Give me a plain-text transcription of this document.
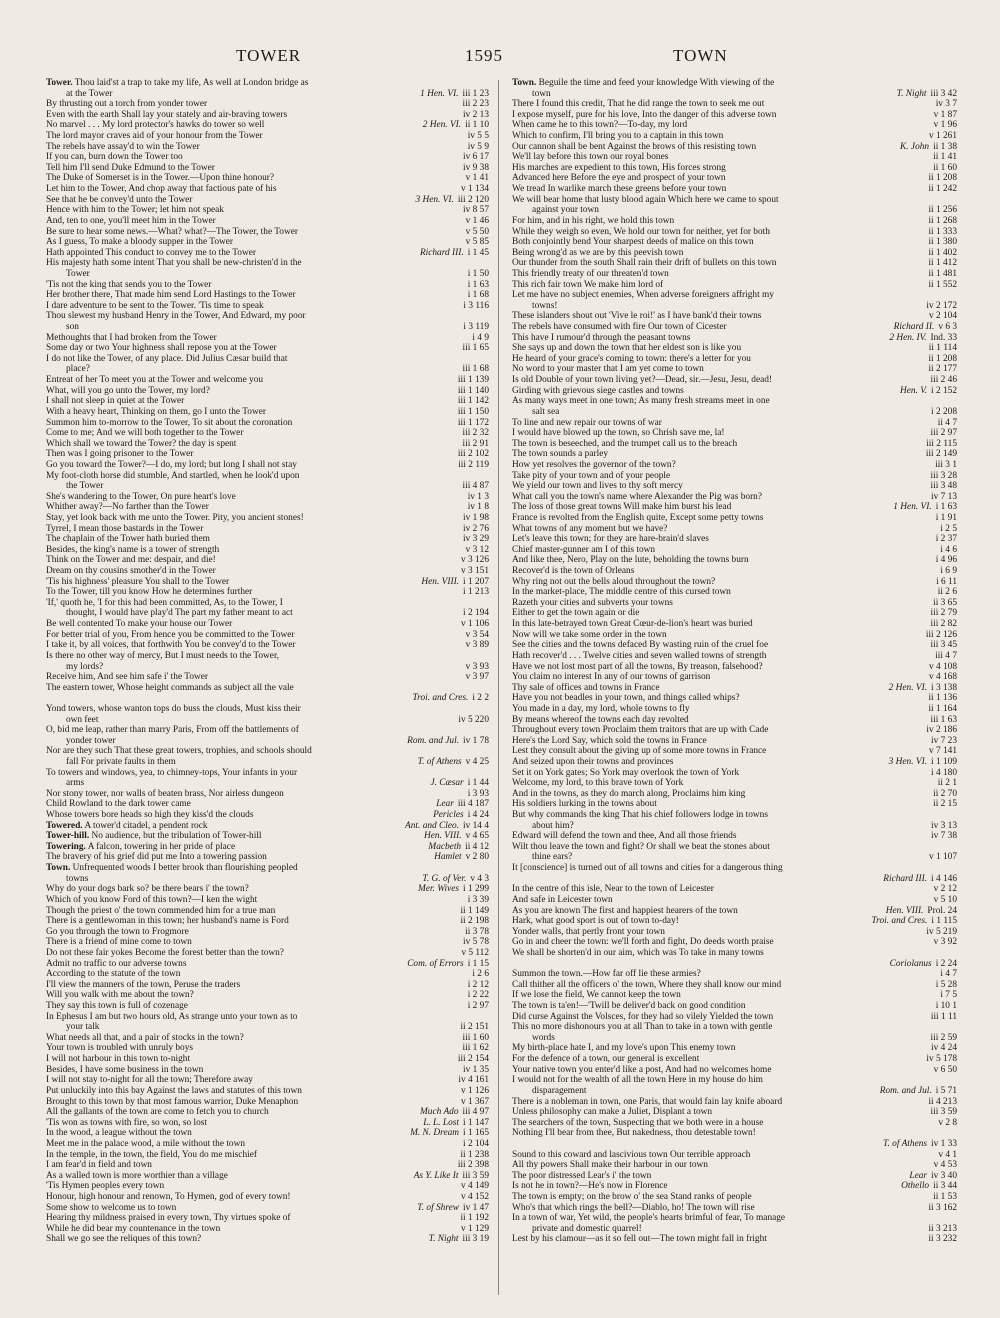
TOWER	1595	TOWN
Tower. Thou laid'st a trap to take my life, As well at London bridge as
at the Tower	1 Hen. VI. iii 1 23
By thrusting out a torch from yonder tower	iii 2 23
Even with the earth Shall lay your stately and air-braving towers	iv 2 13
No marvel . . . My lord protector's hawks do tower so well	2 Hen. VI. ii 1 10
The lord mayor craves aid of your honour from the Tower	iv 5 5
The rebels have assay'd to win the Tower	iv 5 9
If you can, burn down the Tower too	iv 6 17
Tell him I'll send Duke Edmund to the Tower	iv 9 38
The Duke of Somerset is in the Tower.—Upon thine honour?	v 1 41
Let him to the Tower, And chop away that factious pate of his	v 1 134
See that he be convey'd unto the Tower	3 Hen. VI. iii 2 120
Hence with him to the Tower; let him not speak	iv 8 57
And, ten to one, you'll meet him in the Tower	v 1 46
Be sure to hear some news.—What? what?—The Tower, the Tower	v 5 50
As I guess, To make a bloody supper in the Tower	v 5 85
Hath appointed This conduct to convey me to the Tower	Richard III. i 1 45
His majesty hath some intent That you shall be new-christen'd in the
Tower	i 1 50
'Tis not the king that sends you to the Tower	i 1 63
Her brother there, That made him send Lord Hastings to the Tower	i 1 68
I dare adventure to be sent to the Tower. 'Tis time to speak	i 3 116
Thou slewest my husband Henry in the Tower, And Edward, my poor
son	i 3 119
Methoughts that I had broken from the Tower	i 4 9
Some day or two Your highness shall repose you at the Tower	iii 1 65
I do not like the Tower, of any place. Did Julius Cæsar build that
place?	iii 1 68
Entreat of her To meet you at the Tower and welcome you	iii 1 139
What, will you go unto the Tower, my lord?	iii 1 140
I shall not sleep in quiet at the Tower	iii 1 142
With a heavy heart, Thinking on them, go I unto the Tower	iii 1 150
Summon him to-morrow to the Tower, To sit about the coronation	iii 1 172
Come to me; And we will both together to the Tower	iii 2 32
Which shall we toward the Tower? the day is spent	iii 2 91
Then was I going prisoner to the Tower	iii 2 102
Go you toward the Tower?—I do, my lord; but long I shall not stay	iii 2 119
My foot-cloth horse did stumble, And startled, when he look'd upon
the Tower	iii 4 87
She's wandering to the Tower, On pure heart's love	iv 1 3
Whither away?—No farther than the Tower	iv 1 8
Stay, yet look back with me unto the Tower. Pity, you ancient stones!	iv 1 98
Tyrrel, I mean those bastards in the Tower	iv 2 76
The chaplain of the Tower hath buried them	iv 3 29
Besides, the king's name is a tower of strength	v 3 12
Think on the Tower and me: despair, and die!	v 3 126
Dream on thy cousins smother'd in the Tower	v 3 151
'Tis his highness' pleasure You shall to the Tower	Hen. VIII. i 1 207
To the Tower, till you know How he determines further	i 1 213
'If,' quoth he, 'I for this had been committed, As, to the Tower, I
thought, I would have play'd The part my father meant to act	i 2 194
Be well contented To make your house our Tower	v 1 106
For better trial of you, From hence you be committed to the Tower	v 3 54
I take it, by all voices, that forthwith You be convey'd to the Tower	v 3 89
Is there no other way of mercy, But I must needs to the Tower,
my lords?	v 3 93
Receive him, And see him safe i' the Tower	v 3 97
The eastern tower, Whose height commands as subject all the vale
Troi. and Cres. i 2 2
Yond towers, whose wanton tops do buss the clouds, Must kiss their
own feet	iv 5 220
O, bid me leap, rather than marry Paris, From off the battlements of
yonder tower	Rom. and Jul. iv 1 78
Nor are they such That these great towers, trophies, and schools should
fall For private faults in them	T. of Athens v 4 25
To towers and windows, yea, to chimney-tops, Your infants in your
arms	J. Cæsar i 1 44
Nor stony tower, nor walls of beaten brass, Nor airless dungeon	i 3 93
Child Rowland to the dark tower came	Lear iii 4 187
Whose towers bore heads so high they kiss'd the clouds	Pericles i 4 24
Towered. A tower'd citadel, a pendent rock	Ant. and Cleo. iv 14 4
Tower-hill. No audience, but the tribulation of Tower-hill	Hen. VIII. v 4 65
Towering. A falcon, towering in her pride of place	Macbeth ii 4 12
The bravery of his grief did put me Into a towering passion	Hamlet v 2 80
Town. Unfrequented woods I better brook than flourishing peopled
towns	T. G. of Ver. v 4 3
Why do your dogs bark so? be there bears i' the town?	Mer. Wives i 1 299
Which of you know Ford of this town?—I ken the wight	i 3 39
Though the priest o' the town commended him for a true man	ii 1 149
There is a gentlewoman in this town; her husband's name is Ford	ii 2 198
Go you through the town to Frogmore	ii 3 78
There is a friend of mine come to town	iv 5 78
Do not these fair yokes Become the forest better than the town?	v 5 112
Admit no traffic to our adverse towns	Com. of Errors i 1 15
According to the statute of the town	i 2 6
I'll view the manners of the town, Peruse the traders	i 2 12
Will you walk with me about the town?	i 2 22
They say this town is full of cozenage	i 2 97
In Ephesus I am but two hours old, As strange unto your town as to
your talk	ii 2 151
What needs all that, and a pair of stocks in the town?	iii 1 60
Your town is troubled with unruly boys	iii 1 62
I will not harbour in this town to-night	iii 2 154
Besides, I have some business in the town	iv 1 35
I will not stay to-night for all the town; Therefore away	iv 4 161
Put unluckily into this bay Against the laws and statutes of this town	v 1 126
Brought to this town by that most famous warrior, Duke Menaphon	v 1 367
All the gallants of the town are come to fetch you to church	Much Ado iii 4 97
'Tis won as towns with fire, so won, so lost	L. L. Lost i 1 147
In the wood, a league without the town	M. N. Dream i 1 165
Meet me in the palace wood, a mile without the town	i 2 104
In the temple, in the town, the field, You do me mischief	ii 1 238
I am fear'd in field and town	iii 2 398
As a walled town is more worthier than a village	As Y. Like It iii 3 59
'Tis Hymen peoples every town	v 4 149
Honour, high honour and renown, To Hymen, god of every town!	v 4 152
Some show to welcome us to town	T. of Shrew iv 1 47
Hearing thy mildness praised in every town, Thy virtues spoke of	ii 1 192
While he did bear my countenance in the town	v 1 129
Shall we go see the reliques of this town?	T. Night iii 3 19
Town. Beguile the time and feed your knowledge With viewing of the
town	T. Night iii 3 42
There I found this credit, That he did range the town to seek me out	iv 3 7
I expose myself, pure for his love, Into the danger of this adverse town	v 1 87
When came he to this town?—To-day, my lord	v 1 96
Which to confirm, I'll bring you to a captain in this town	v 1 261
Our cannon shall be bent Against the brows of this resisting town	K. John ii 1 38
We'll lay before this town our royal bones	ii 1 41
His marches are expedient to this town, His forces strong	ii 1 60
Advanced here Before the eye and prospect of your town	ii 1 208
We tread In warlike march these greens before your town	ii 1 242
We will bear home that lusty blood again Which here we came to spout
against your town	ii 1 256
For him, and in his right, we hold this town	ii 1 268
While they weigh so even, We hold our town for neither, yet for both	ii 1 333
Both conjointly bend Your sharpest deeds of malice on this town	ii 1 380
Being wrong'd as we are by this peevish town	ii 1 402
Our thunder from the south Shall rain their drift of bullets on this town	ii 1 412
This friendly treaty of our threaten'd town	ii 1 481
This rich fair town We make him lord of	ii 1 552
Let me have no subject enemies, When adverse foreigners affright my
towns!	iv 2 172
These islanders shout out 'Vive le roi!' as I have bank'd their towns	v 2 104
The rebels have consumed with fire Our town of Cicester	Richard II. v 6 3
This have I rumour'd through the peasant towns	2 Hen. IV. Ind. 33
She says up and down the town that her eldest son is like you	ii 1 114
He heard of your grace's coming to town: there's a letter for you	ii 1 208
No word to your master that I am yet come to town	ii 2 177
Is old Double of your town living yet?—Dead, sir.—Jesu, Jesu, dead!	iii 2 46
Girding with grievous siege castles and towns	Hen. V. i 2 152
As many ways meet in one town; As many fresh streams meet in one
salt sea	i 2 208
To line and new repair our towns of war	ii 4 7
I would have blowed up the town, so Chrish save me, la!	iii 2 97
The town is beseeched, and the trumpet call us to the breach	iii 2 115
The town sounds a parley	iii 2 149
How yet resolves the governor of the town?	iii 3 1
Take pity of your town and of your people	iii 3 28
We yield our town and lives to thy soft mercy	iii 3 48
What call you the town's name where Alexander the Pig was born?	iv 7 13
The loss of those great towns Will make him burst his lead	1 Hen. VI. i 1 63
France is revolted from the English quite, Except some petty towns	i 1 91
What towns of any moment but we have?	i 2 5
Let's leave this town; for they are hare-brain'd slaves	i 2 37
Chief master-gunner am I of this town	i 4 6
And like thee, Nero, Play on the lute, beholding the towns burn	i 4 96
Recover'd is the town of Orleans	i 6 9
Why ring not out the bells aloud throughout the town?	i 6 11
In the market-place, The middle centre of this cursed town	ii 2 6
Razeth your cities and subverts your towns	ii 3 65
Either to get the town again or die	iii 2 79
In this late-betrayed town Great Cœur-de-lion's heart was buried	iii 2 82
Now will we take some order in the town	iii 2 126
See the cities and the towns defaced By wasting ruin of the cruel foe	iii 3 45
Hath recover'd . . . Twelve cities and seven walled towns of strength	iii 4 7
Have we not lost most part of all the towns, By treason, falsehood?	v 4 108
You claim no interest In any of our towns of garrison	v 4 168
Thy sale of offices and towns in France	2 Hen. VI. i 3 138
Have you not beadles in your town, and things called whips?	ii 1 136
You made in a day, my lord, whole towns to fly	ii 1 164
By means whereof the towns each day revolted	iii 1 63
Throughout every town Proclaim them traitors that are up with Cade	iv 2 186
Here's the Lord Say, which sold the towns in France	iv 7 23
Lest they consult about the giving up of some more towns in France	v 7 141
And seized upon their towns and provinces	3 Hen. VI. i 1 109
Set it on York gates; So York may overlook the town of York	i 4 180
Welcome, my lord, to this brave town of York	ii 2 1
And in the towns, as they do march along, Proclaims him king	ii 2 70
His soldiers lurking in the towns about	ii 2 15
But why commands the king That his chief followers lodge in towns
about him?	iv 3 13
Edward will defend the town and thee, And all those friends	iv 7 38
Wilt thou leave the town and fight? Or shall we beat the stones about
thine ears?	v 1 107
It [conscience] is turned out of all towns and cities for a dangerous thing
Richard III. i 4 146
In the centre of this isle, Near to the town of Leicester	v 2 12
And safe in Leicester town	v 5 10
As you are known The first and happiest hearers of the town	Hen. VIII. Prol. 24
Hark, what good sport is out of town to-day!	Troi. and Cres. i 1 115
Yonder walls, that pertly front your town	iv 5 219
Go in and cheer the town: we'll forth and fight, Do deeds worth praise	v 3 92
We shall be shorten'd in our aim, which was To take in many towns
Coriolanus i 2 24
Summon the town.—How far off lie these armies?	i 4 7
Call thither all the officers o' the town, Where they shall know our mind	i 5 28
If we lose the field, We cannot keep the town	i 7 5
The town is ta'en!—'Twill be deliver'd back on good condition	i 10 1
Did curse Against the Volsces, for they had so vilely Yielded the town	iii 1 11
This no more dishonours you at all Than to take in a town with gentle
words	iii 2 59
My birth-place hate I, and my love's upon This enemy town	iv 4 24
For the defence of a town, our general is excellent	iv 5 178
Your native town you enter'd like a post, And had no welcomes home	v 6 50
I would not for the wealth of all the town Here in my house do him
disparagement	Rom. and Jul. i 5 71
There is a nobleman in town, one Paris, that would fain lay knife aboard	ii 4 213
Unless philosophy can make a Juliet, Displant a town	iii 3 59
The searchers of the town, Suspecting that we both were in a house	v 2 8
Nothing I'll bear from thee, But nakedness, thou detestable town!
T. of Athens iv 1 33
Sound to this coward and lascivious town Our terrible approach	v 4 1
All thy powers Shall make their harbour in our town	v 4 53
The poor distressed Lear's i' the town	Lear iv 3 40
Is not he in town?—He's now in Florence	Othello ii 3 44
The town is empty; on the brow o' the sea Stand ranks of people	ii 1 53
Who's that which rings the bell?—Diablo, ho! The town will rise	ii 3 162
In a town of war, Yet wild, the people's hearts brimful of fear, To manage
private and domestic quarrel!	ii 3 213
Lest by his clamour—as it so fell out—The town might fall in fright	ii 3 232
